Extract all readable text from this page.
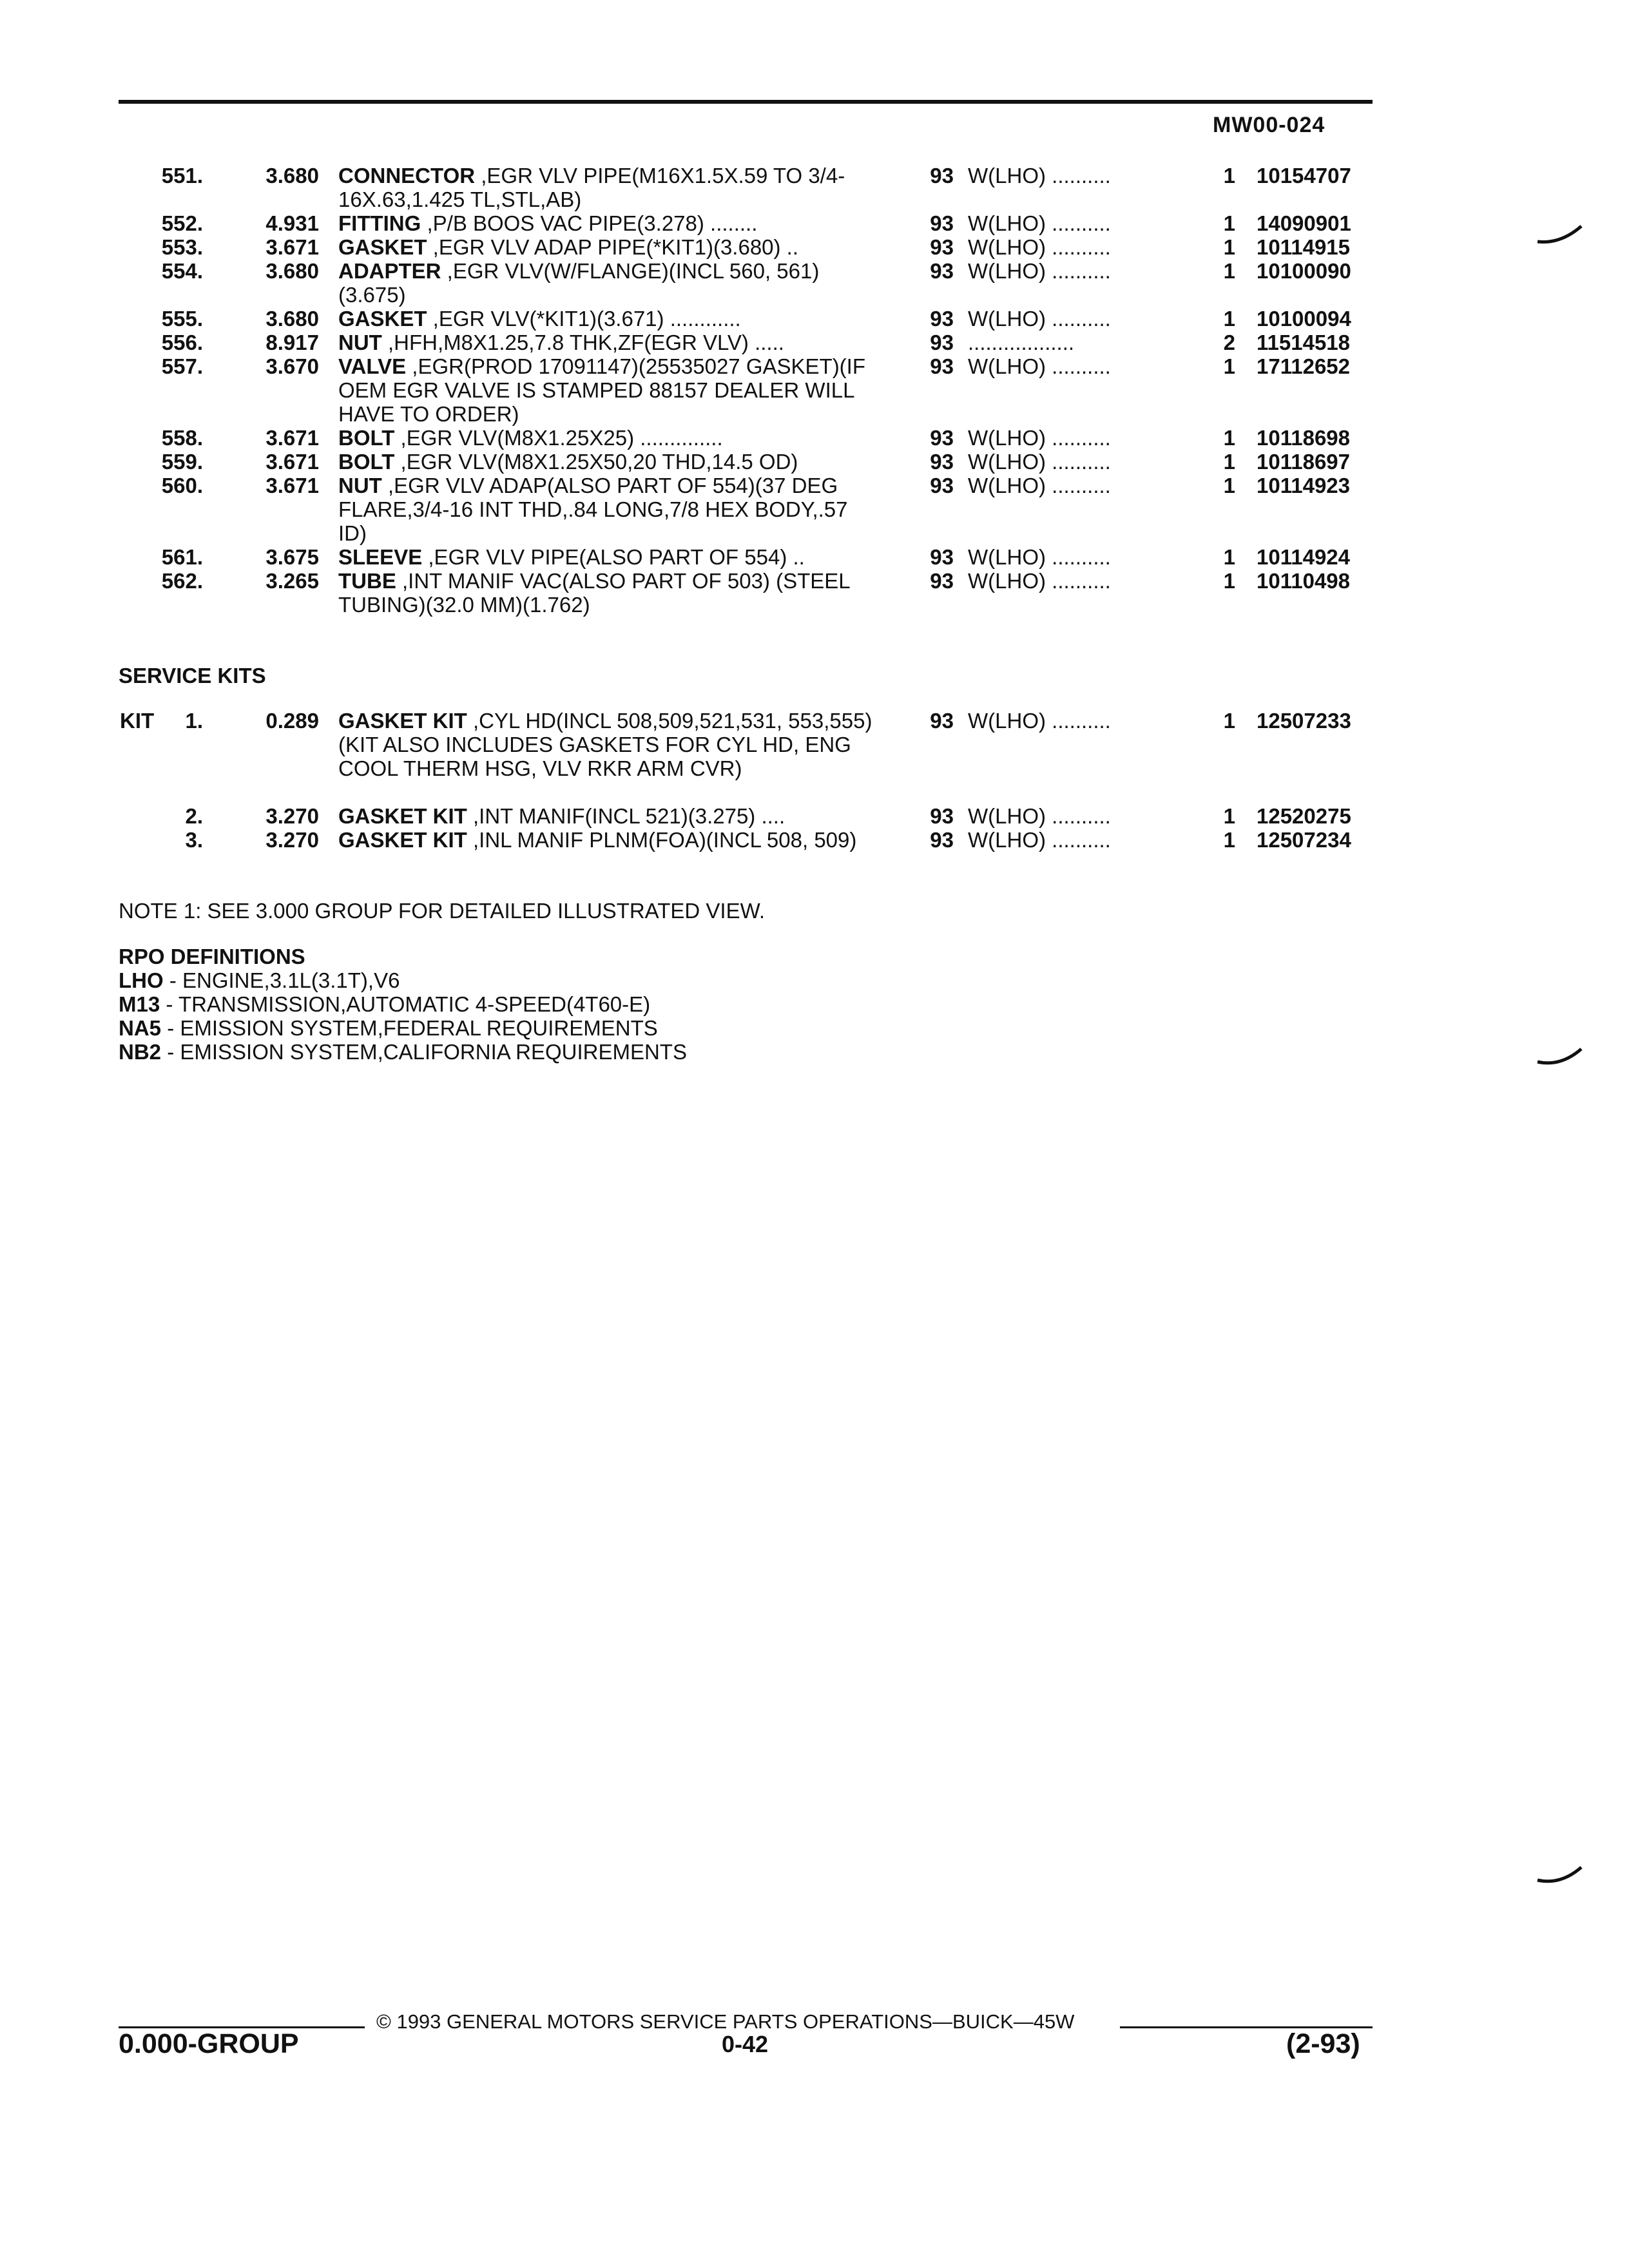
MW00-024
551.	3.680 CONNECTOR ,EGR VLV PIPE(M16X1.5X.59 TO 3/4-16X.63,1.425 TL,STL,AB)
93 W(LHO) ..........	1 10154707
552.	4.931 FITTING ,P/B BOOS VAC PIPE(3.278) ........	93 W(LHO) ..........	1 14090901
553.	3.671 GASKET ,EGR VLV ADAP PIPE(*KIT1)(3.680) ..	93 W(LHO) ..........	1 10114915
554.	3.680 ADAPTER ,EGR VLV(W/FLANGE)(INCL 560, 561)(3.675)
93 W(LHO) ..........	1 10100090
555.	3.680 GASKET ,EGR VLV(*KIT1)(3.671) ............	93 W(LHO) ..........	1 10100094
556.	8.917 NUT ,HFH,M8X1.25,7.8 THK,ZF(EGR VLV) .....	93 ..................	2 11514518
557.	3.670 VALVE ,EGR(PROD 17091147)(25535027 GASKET)(IF OEM EGR VALVE IS STAMPED 88157 DEALER WILL HAVE TO ORDER)
93 W(LHO) ..........	1 17112652
558.	3.671 BOLT ,EGR VLV(M8X1.25X25) ..............	93 W(LHO) ..........	1 10118698
559.	3.671 BOLT ,EGR VLV(M8X1.25X50,20 THD,14.5 OD)	93 W(LHO) ..........	1 10118697
560.	3.671 NUT ,EGR VLV ADAP(ALSO PART OF 554)(37 DEG FLARE,3/4-16 INT THD,.84 LONG,7/8 HEX BODY,.57 ID)
93 W(LHO) ..........	1 10114923
561.	3.675 SLEEVE ,EGR VLV PIPE(ALSO PART OF 554) ..	93 W(LHO) ..........	1 10114924
562.	3.265 TUBE ,INT MANIF VAC(ALSO PART OF 503) (STEEL TUBING)(32.0 MM)(1.762)
93 W(LHO) ..........	1 10110498
SERVICE KITS
KIT	1.	0.289 GASKET KIT ,CYL HD(INCL 508,509,521,531, 553,555)(KIT ALSO INCLUDES GASKETS FOR CYL HD, ENG COOL THERM HSG, VLV RKR ARM CVR)
93 W(LHO) ..........	1 12507233
2.	3.270 GASKET KIT ,INT MANIF(INCL 521)(3.275) ....	93 W(LHO) ..........	1 12520275
3.	3.270 GASKET KIT ,INL MANIF PLNM(FOA)(INCL 508, 509)	93 W(LHO) ..........	1 12507234
NOTE 1: SEE 3.000 GROUP FOR DETAILED ILLUSTRATED VIEW.
RPO DEFINITIONS
LHO - ENGINE,3.1L(3.1T),V6
M13 - TRANSMISSION,AUTOMATIC 4-SPEED(4T60-E)
NA5 - EMISSION SYSTEM,FEDERAL REQUIREMENTS
NB2 - EMISSION SYSTEM,CALIFORNIA REQUIREMENTS
© 1993 GENERAL MOTORS SERVICE PARTS OPERATIONS—BUICK—45W
0.000-GROUP	0-42	(2-93)
